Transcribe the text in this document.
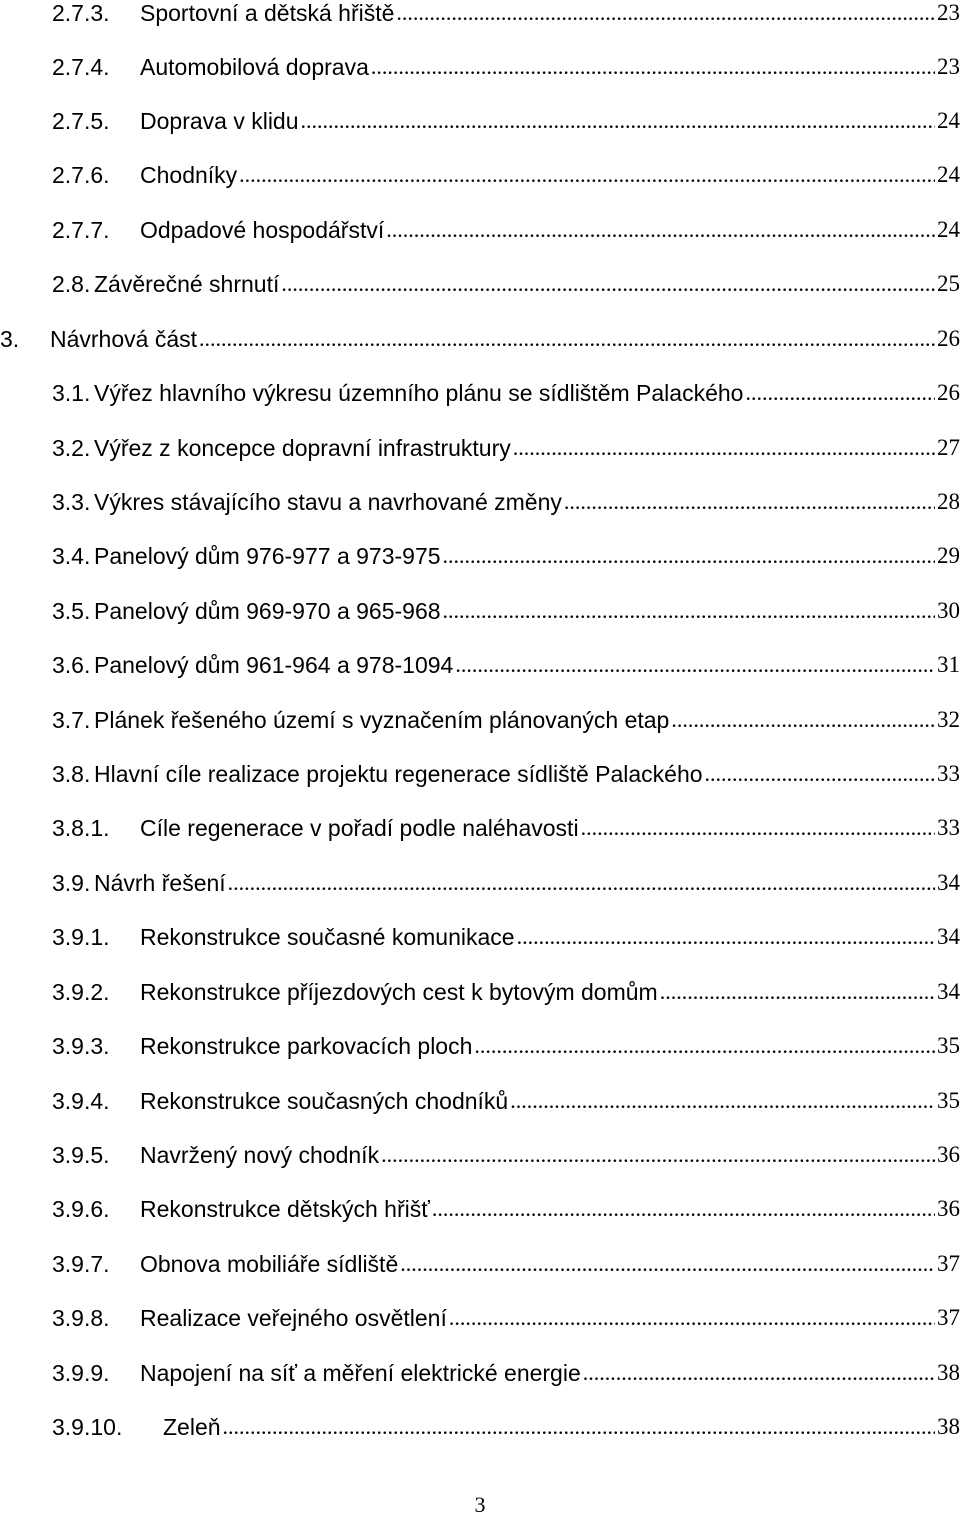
2.7.3.	Sportovní a dětská hřiště .....	23
2.7.4.	Automobilová doprava .....	23
2.7.5.	Doprava v klidu .....	24
2.7.6.	Chodníky .....	24
2.7.7.	Odpadové hospodářství .....	24
2.8. Závěrečné shrnutí .....	25
3.	Návrhová část .....	26
3.1. Výřez hlavního výkresu územního plánu se sídlištěm Palackého .....	26
3.2. Výřez z koncepce dopravní infrastruktury .....	27
3.3. Výkres stávajícího stavu a navrhované změny .....	28
3.4. Panelový dům 976-977 a 973-975 .....	29
3.5. Panelový dům 969-970 a 965-968 .....	30
3.6. Panelový dům 961-964 a 978-1094 .....	31
3.7. Plánek řešeného území s vyznačením plánovaných etap .....	32
3.8. Hlavní cíle realizace projektu regenerace sídliště Palackého .....	33
3.8.1.	Cíle regenerace v pořadí podle naléhavosti .....	33
3.9. Návrh řešení .....	34
3.9.1.	Rekonstrukce současné komunikace .....	34
3.9.2.	Rekonstrukce příjezdových cest k bytovým domům .....	34
3.9.3.	Rekonstrukce parkovacích ploch .....	35
3.9.4.	Rekonstrukce současných chodníků .....	35
3.9.5.	Navržený nový chodník .....	36
3.9.6.	Rekonstrukce dětských hřišť .....	36
3.9.7.	Obnova mobiliáře sídliště .....	37
3.9.8.	Realizace veřejného osvětlení .....	37
3.9.9.	Napojení na síť a měření elektrické energie .....	38
3.9.10.	Zeleň .....	38
3
